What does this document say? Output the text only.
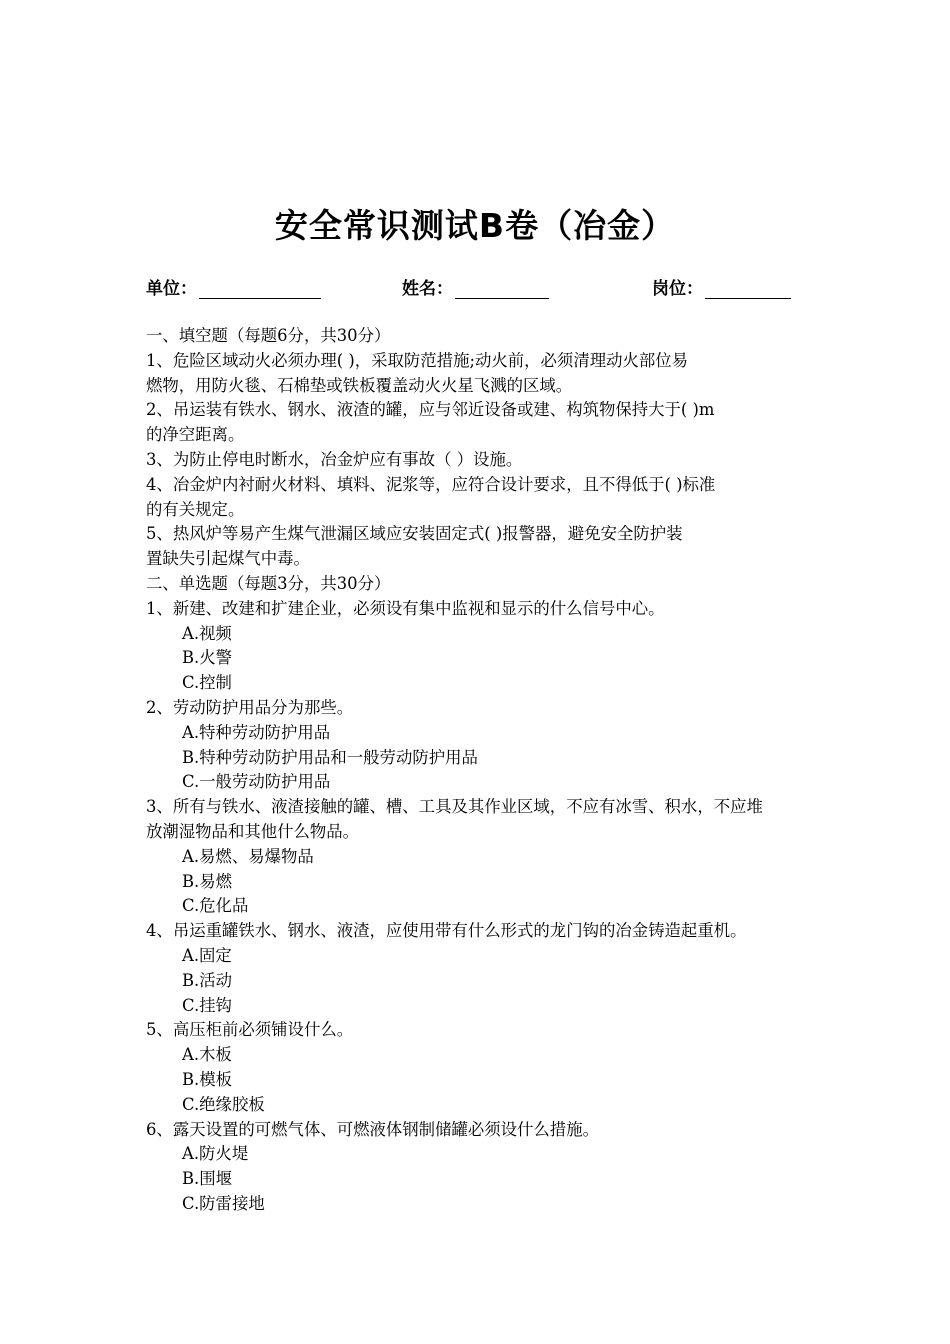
安全常识测试B卷（冶金）
单位：	姓名：	岗位：
一、填空题（每题6分，共30分）
1、危险区域动火必须办理( )，采取防范措施;动火前，必须清理动火部位易
燃物，用防火毯、石棉垫或铁板覆盖动火火星飞溅的区域。
2、吊运装有铁水、钢水、液渣的罐，应与邻近设备或建、构筑物保持大于( )m
的净空距离。
3、为防止停电时断水，冶金炉应有事故（ ）设施。
4、冶金炉内衬耐火材料、填料、泥浆等，应符合设计要求，且不得低于( )标准
的有关规定。
5、热风炉等易产生煤气泄漏区域应安装固定式( )报警器，避免安全防护装
置缺失引起煤气中毒。
二、单选题（每题3分，共30分）
1、新建、改建和扩建企业，必须设有集中监视和显示的什么信号中心。
A.视频
B.火警
C.控制
2、劳动防护用品分为那些。
A.特种劳动防护用品
B.特种劳动防护用品和一般劳动防护用品
C.一般劳动防护用品
3、所有与铁水、液渣接触的罐、槽、工具及其作业区域，不应有冰雪、积水，不应堆
放潮湿物品和其他什么物品。
A.易燃、易爆物品
B.易燃
C.危化品
4、吊运重罐铁水、钢水、液渣，应使用带有什么形式的龙门钩的冶金铸造起重机。
A.固定
B.活动
C.挂钩
5、高压柜前必须铺设什么。
A.木板
B.模板
C.绝缘胶板
6、露天设置的可燃气体、可燃液体钢制储罐必须设什么措施。
A.防火堤
B.围堰
C.防雷接地
